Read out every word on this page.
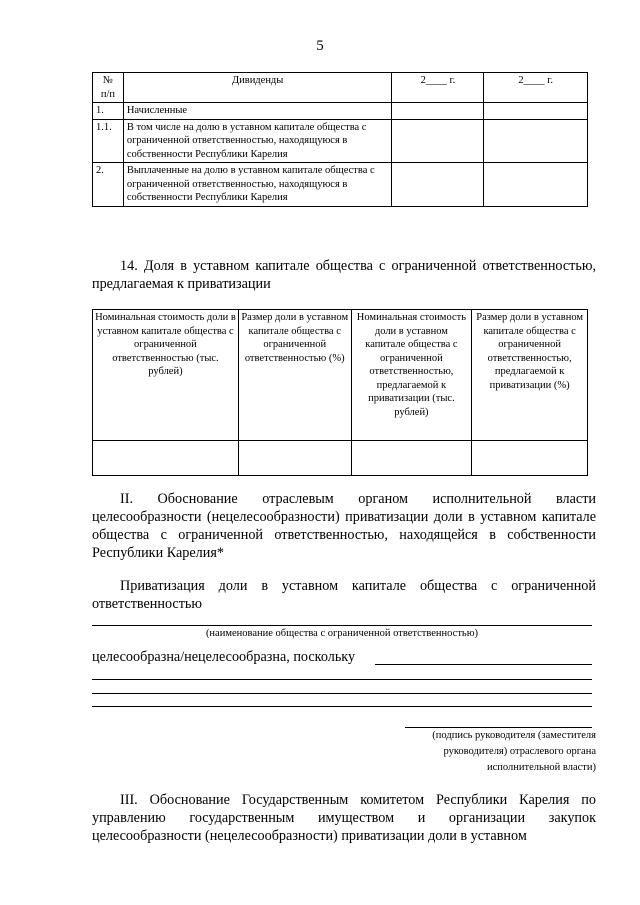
5
№
п/п	Дивиденды	2____ г.	2____ г.
1.	Начисленные		
1.1.	В том числе на долю в уставном капитале общества с ограниченной ответственностью, находящуюся в собственности Республики Карелия		
2.	Выплаченные на долю в уставном капитале общества с ограниченной ответственностью, находящуюся в собственности Республики Карелия		
14. Доля в уставном капитале общества с ограниченной ответственностью, предлагаемая к приватизации
Номинальная стоимость доли в уставном капитале общества с ограниченной ответственностью (тыс. рублей)	Размер доли в уставном капитале общества с ограниченной ответственностью (%)	Номинальная стоимость доли в уставном капитале общества с ограниченной ответственностью, предлагаемой к приватизации (тыс. рублей)	Размер доли в уставном капитале общества с ограниченной ответственностью, предлагаемой к приватизации (%)

II. Обоснование отраслевым органом исполнительной власти целесообразности (нецелесообразности) приватизации доли в уставном капитале общества с ограниченной ответственностью, находящейся в собственности Республики Карелия*
Приватизация доли в уставном капитале общества с ограниченной ответственностью
(наименование общества с ограниченной ответственностью)
целесообразна/нецелесообразна, поскольку
(подпись руководителя (заместителя
руководителя) отраслевого органа
исполнительной власти)
III. Обоснование Государственным комитетом Республики Карелия по управлению государственным имуществом и организации закупок целесообразности (нецелесообразности) приватизации доли в уставном
